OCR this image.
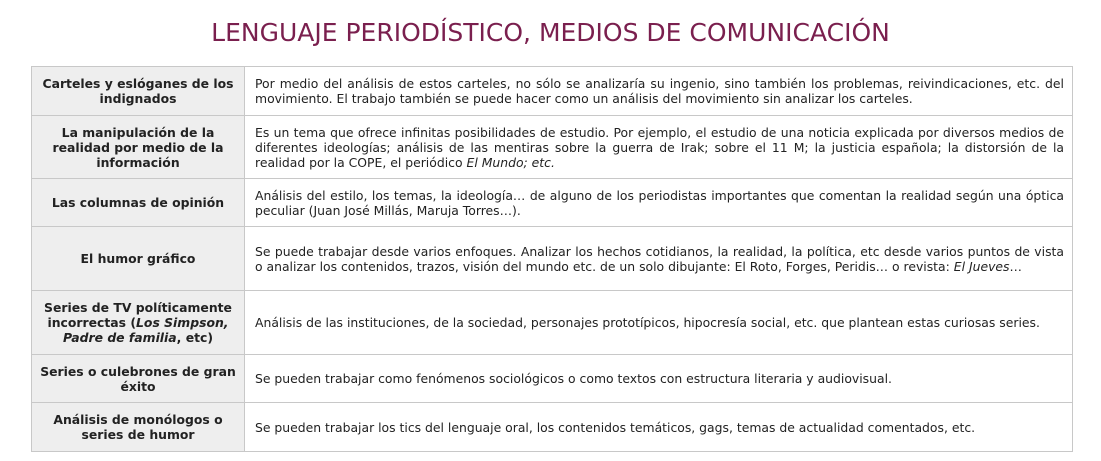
LENGUAJE PERIODÍSTICO, MEDIOS DE COMUNICACIÓN
Carteles y eslóganes de los indignados	Por medio del análisis de estos carteles, no sólo se analizaría su ingenio, sino también los problemas, reivindicaciones, etc. del movimiento. El trabajo también se puede hacer como un análisis del movimiento sin analizar los carteles.
La manipulación de la realidad por medio de la información	Es un tema que ofrece infinitas posibilidades de estudio. Por ejemplo, el estudio de una noticia explicada por diversos medios de diferentes ideologías; análisis de las mentiras sobre la guerra de Irak; sobre el 11 M; la justicia española; la distorsión de la realidad por la COPE, el periódico El Mundo; etc.
Las columnas de opinión	Análisis del estilo, los temas, la ideología… de alguno de los periodistas importantes que comentan la realidad según una óptica peculiar (Juan José Millás, Maruja Torres…).
El humor gráfico	Se puede trabajar desde varios enfoques. Analizar los hechos cotidianos, la realidad, la política, etc desde varios puntos de vista o analizar los contenidos, trazos, visión del mundo etc. de un solo dibujante: El Roto, Forges, Peridis… o revista: El Jueves…
Series de TV políticamente incorrectas (Los Simpson, Padre de familia, etc)	Análisis de las instituciones, de la sociedad, personajes prototípicos, hipocresía social, etc. que plantean estas curiosas series.
Series o culebrones de gran éxito	Se pueden trabajar como fenómenos sociológicos o como textos con estructura literaria y audiovisual.
Análisis de monólogos o series de humor	Se pueden trabajar los tics del lenguaje oral, los contenidos temáticos, gags, temas de actualidad comentados, etc.
